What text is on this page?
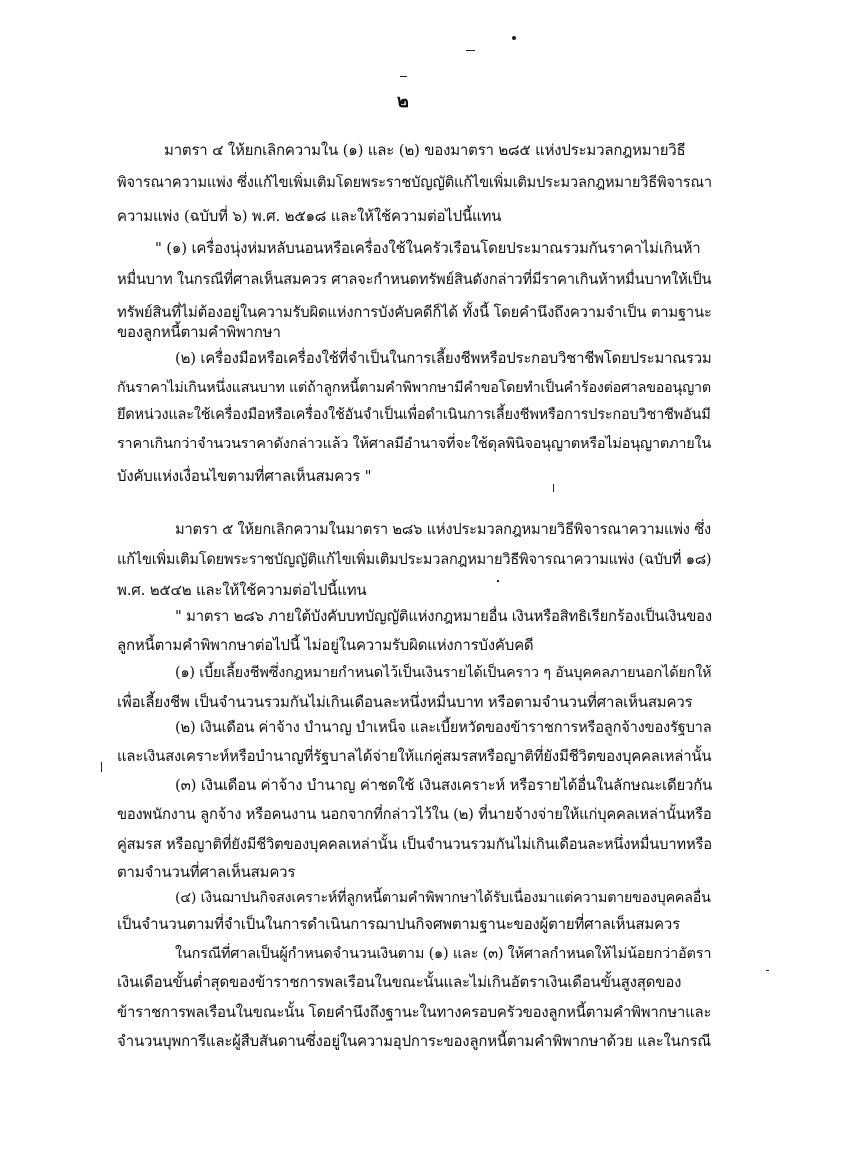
๒
มาตรา ๔ ให้ยกเลิกความใน (๑) และ (๒) ของมาตรา ๒๘๕ แห่งประมวลกฎหมายวิธี
พิจารณาความแพ่ง ซึ่งแก้ไขเพิ่มเติมโดยพระราชบัญญัติแก้ไขเพิ่มเติมประมวลกฎหมายวิธีพิจารณา
ความแพ่ง (ฉบับที่ ๖) พ.ศ. ๒๕๑๘ และให้ใช้ความต่อไปนี้แทน
" (๑) เครื่องนุ่งห่มหลับนอนหรือเครื่องใช้ในครัวเรือนโดยประมาณรวมกันราคาไม่เกินห้า
หมื่นบาท ในกรณีที่ศาลเห็นสมควร ศาลจะกำหนดทรัพย์สินดังกล่าวที่มีราคาเกินห้าหมื่นบาทให้เป็น
ทรัพย์สินที่ไม่ต้องอยู่ในความรับผิดแห่งการบังคับคดีก็ได้ ทั้งนี้ โดยคำนึงถึงความจำเป็น ตามฐานะ
ของลูกหนี้ตามคำพิพากษา
(๒) เครื่องมือหรือเครื่องใช้ที่จำเป็นในการเลี้ยงชีพหรือประกอบวิชาชีพโดยประมาณรวม
กันราคาไม่เกินหนึ่งแสนบาท แต่ถ้าลูกหนี้ตามคำพิพากษามีคำขอโดยทำเป็นคำร้องต่อศาลขออนุญาต
ยึดหน่วงและใช้เครื่องมือหรือเครื่องใช้อันจำเป็นเพื่อดำเนินการเลี้ยงชีพหรือการประกอบวิชาชีพอันมี
ราคาเกินกว่าจำนวนราคาดังกล่าวแล้ว ให้ศาลมีอำนาจที่จะใช้ดุลพินิจอนุญาตหรือไม่อนุญาตภายใน
บังคับแห่งเงื่อนไขตามที่ศาลเห็นสมควร "
มาตรา ๕ ให้ยกเลิกความในมาตรา ๒๘๖ แห่งประมวลกฎหมายวิธีพิจารณาความแพ่ง ซึ่ง
แก้ไขเพิ่มเติมโดยพระราชบัญญัติแก้ไขเพิ่มเติมประมวลกฎหมายวิธีพิจารณาความแพ่ง (ฉบับที่ ๑๘)
พ.ศ. ๒๕๔๒ และให้ใช้ความต่อไปนี้แทน
" มาตรา ๒๘๖ ภายใต้บังคับบทบัญญัติแห่งกฎหมายอื่น เงินหรือสิทธิเรียกร้องเป็นเงินของ
ลูกหนี้ตามคำพิพากษาต่อไปนี้ ไม่อยู่ในความรับผิดแห่งการบังคับคดี
(๑) เบี้ยเลี้ยงชีพซึ่งกฎหมายกำหนดไว้เป็นเงินรายได้เป็นคราว ๆ อันบุคคลภายนอกได้ยกให้
เพื่อเลี้ยงชีพ เป็นจำนวนรวมกันไม่เกินเดือนละหนึ่งหมื่นบาท หรือตามจำนวนที่ศาลเห็นสมควร
(๒) เงินเดือน ค่าจ้าง บำนาญ บำเหน็จ และเบี้ยหวัดของข้าราชการหรือลูกจ้างของรัฐบาล
และเงินสงเคราะห์หรือบำนาญที่รัฐบาลได้จ่ายให้แก่คู่สมรสหรือญาติที่ยังมีชีวิตของบุคคลเหล่านั้น
(๓) เงินเดือน ค่าจ้าง บำนาญ ค่าชดใช้ เงินสงเคราะห์ หรือรายได้อื่นในลักษณะเดียวกัน
ของพนักงาน ลูกจ้าง หรือคนงาน นอกจากที่กล่าวไว้ใน (๒) ที่นายจ้างจ่ายให้แก่บุคคลเหล่านั้นหรือ
คู่สมรส หรือญาติที่ยังมีชีวิตของบุคคลเหล่านั้น เป็นจำนวนรวมกันไม่เกินเดือนละหนึ่งหมื่นบาทหรือ
ตามจำนวนที่ศาลเห็นสมควร
(๔) เงินฌาปนกิจสงเคราะห์ที่ลูกหนี้ตามคำพิพากษาได้รับเนื่องมาแต่ความตายของบุคคลอื่น
เป็นจำนวนตามที่จำเป็นในการดำเนินการฌาปนกิจศพตามฐานะของผู้ตายที่ศาลเห็นสมควร
ในกรณีที่ศาลเป็นผู้กำหนดจำนวนเงินตาม (๑) และ (๓) ให้ศาลกำหนดให้ไม่น้อยกว่าอัตรา
เงินเดือนขั้นต่ำสุดของข้าราชการพลเรือนในขณะนั้นและไม่เกินอัตราเงินเดือนขั้นสูงสุดของ
ข้าราชการพลเรือนในขณะนั้น โดยคำนึงถึงฐานะในทางครอบครัวของลูกหนี้ตามคำพิพากษาและ
จำนวนบุพการีและผู้สืบสันดานซึ่งอยู่ในความอุปการะของลูกหนี้ตามคำพิพากษาด้วย และในกรณี
